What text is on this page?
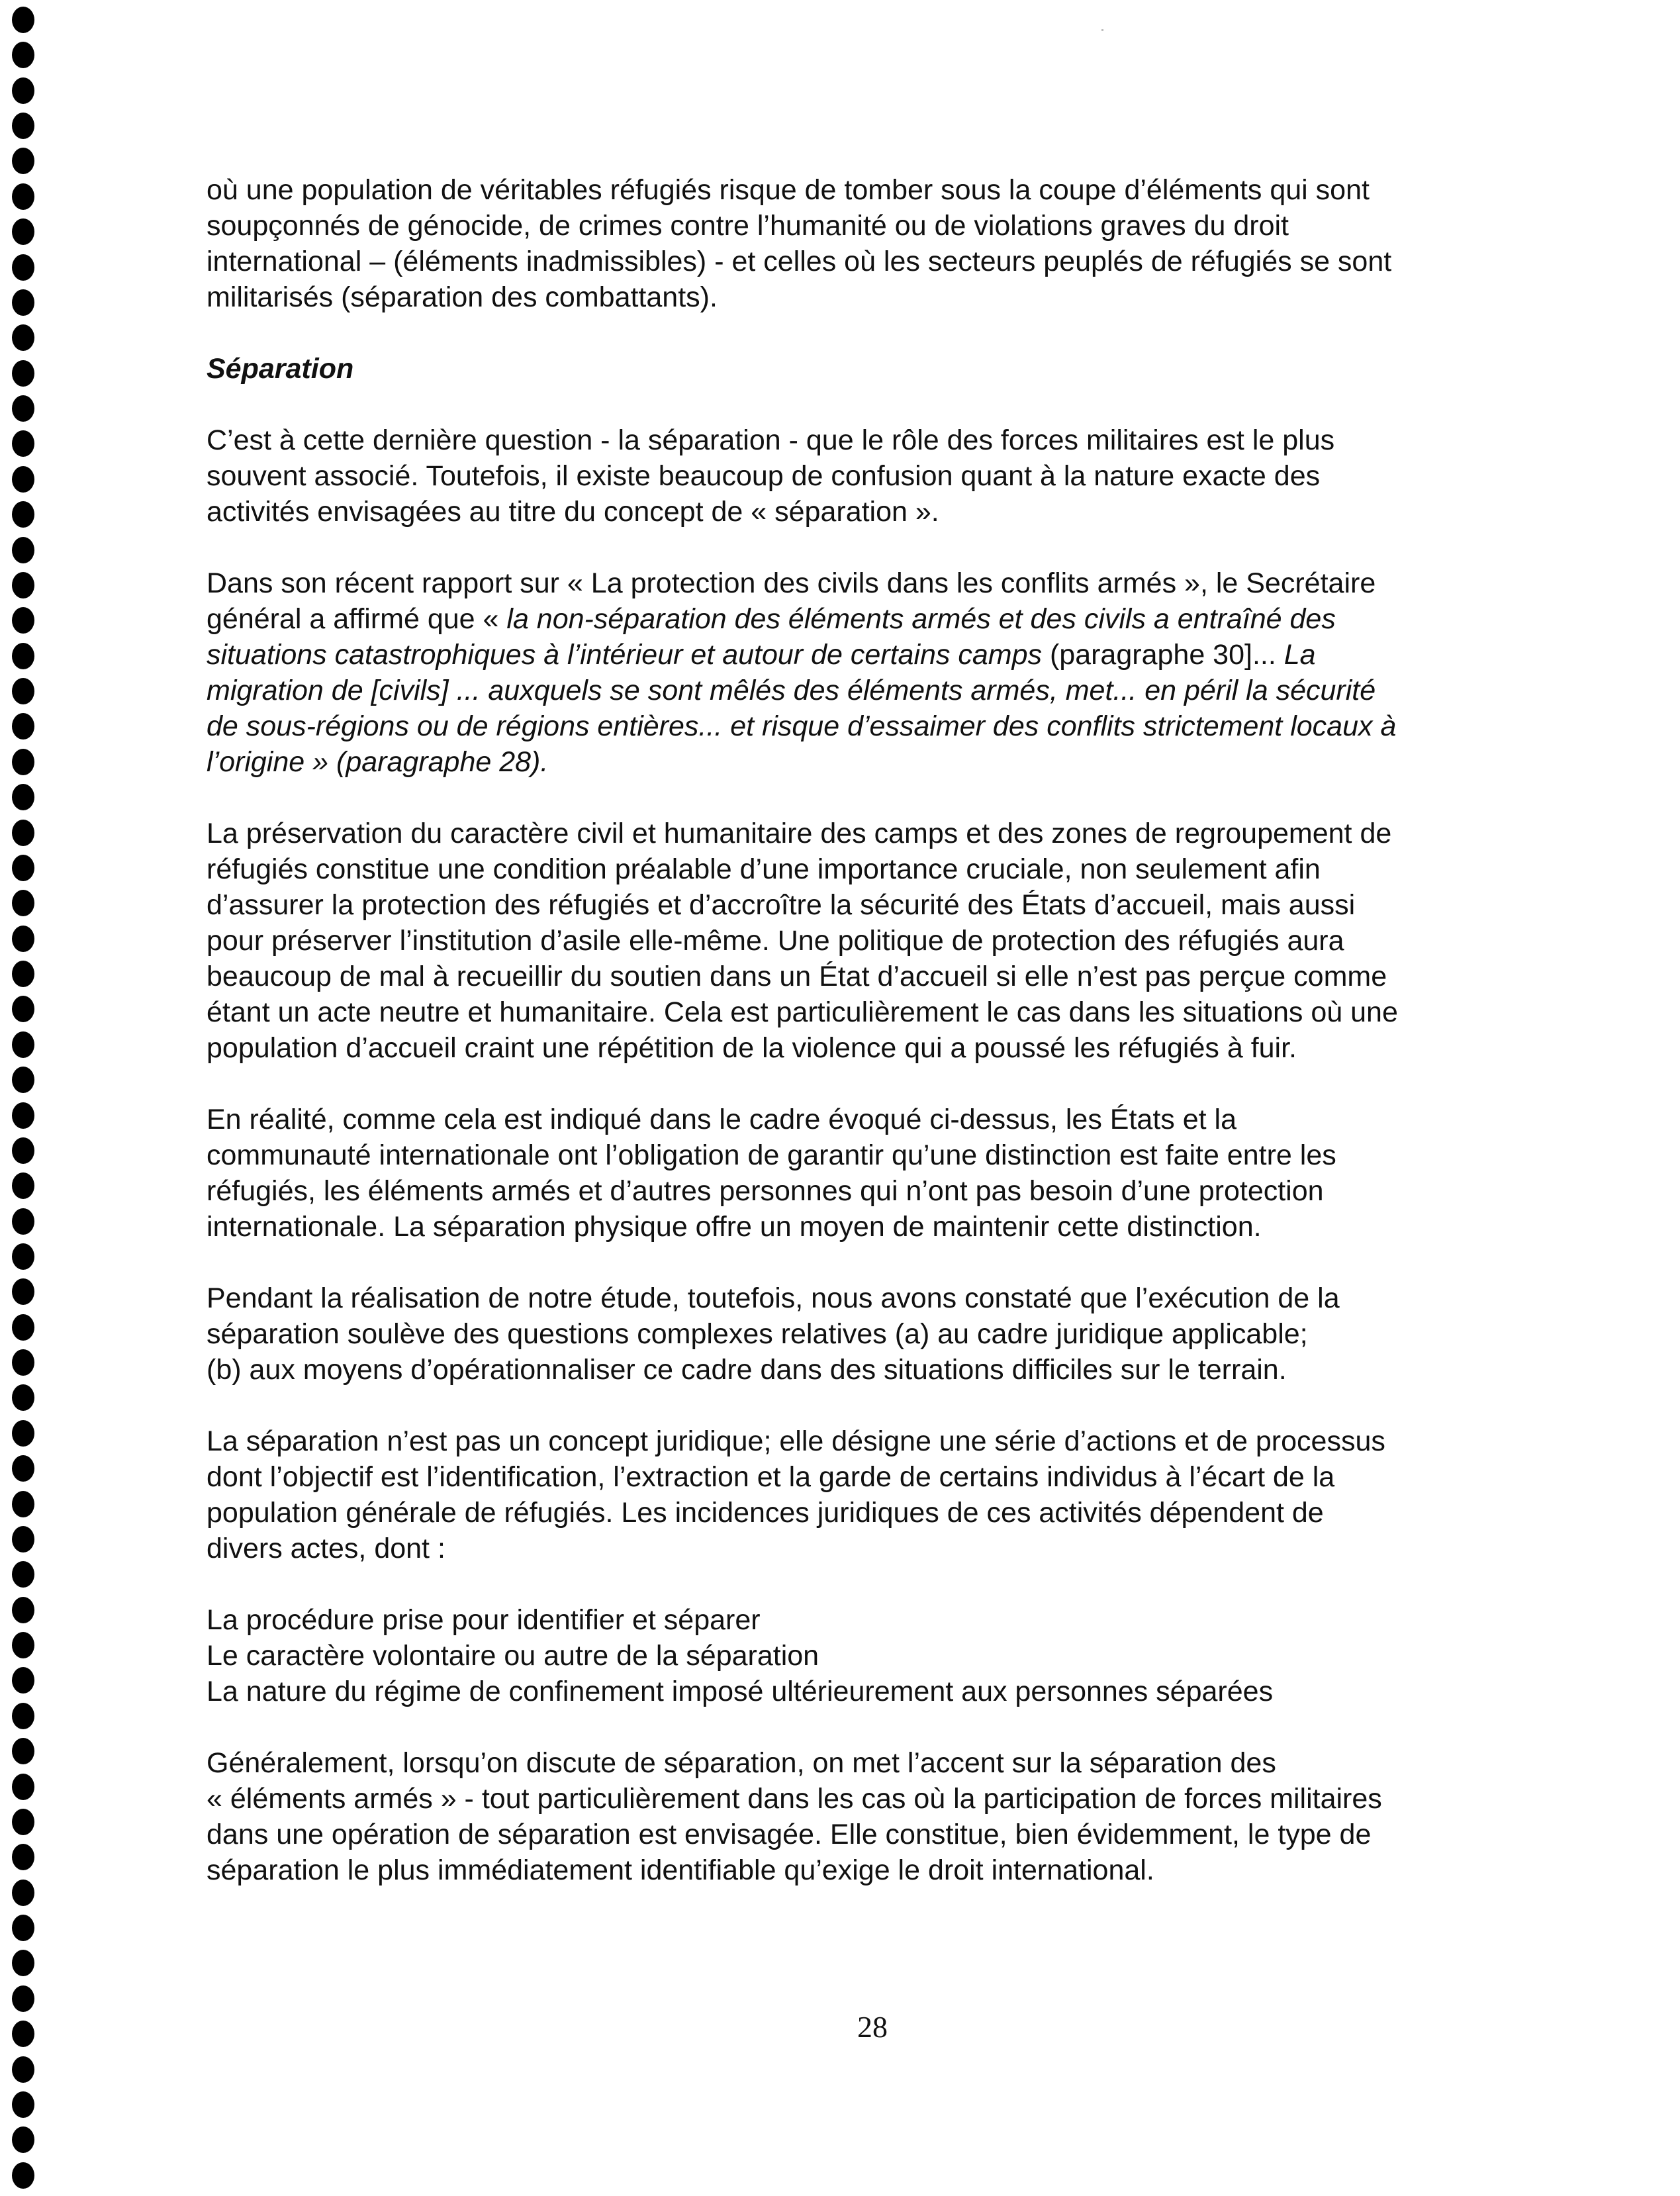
où une population de véritables réfugiés risque de tomber sous la coupe d’éléments qui sont
soupçonnés de génocide, de crimes contre l’humanité ou de violations graves du droit
international – (éléments inadmissibles) - et celles où les secteurs peuplés de réfugiés se sont
militarisés (séparation des combattants).
Séparation
C’est à cette dernière question - la séparation - que le rôle des forces militaires est le plus
souvent associé. Toutefois, il existe beaucoup de confusion quant à la nature exacte des
activités envisagées au titre du concept de « séparation ».
Dans son récent rapport sur « La protection des civils dans les conflits armés », le Secrétaire
général a affirmé que « la non-séparation des éléments armés et des civils a entraîné des
situations catastrophiques à l’intérieur et autour de certains camps (paragraphe 30]... La
migration de [civils] ... auxquels se sont mêlés des éléments armés, met... en péril la sécurité
de sous-régions ou de régions entières... et risque d’essaimer des conflits strictement locaux à
l’origine » (paragraphe 28).
La préservation du caractère civil et humanitaire des camps et des zones de regroupement de
réfugiés constitue une condition préalable d’une importance cruciale, non seulement afin
d’assurer la protection des réfugiés et d’accroître la sécurité des États d’accueil, mais aussi
pour préserver l’institution d’asile elle-même. Une politique de protection des réfugiés aura
beaucoup de mal à recueillir du soutien dans un État d’accueil si elle n’est pas perçue comme
étant un acte neutre et humanitaire. Cela est particulièrement le cas dans les situations où une
population d’accueil craint une répétition de la violence qui a poussé les réfugiés à fuir.
En réalité, comme cela est indiqué dans le cadre évoqué ci-dessus, les États et la
communauté internationale ont l’obligation de garantir qu’une distinction est faite entre les
réfugiés, les éléments armés et d’autres personnes qui n’ont pas besoin d’une protection
internationale. La séparation physique offre un moyen de maintenir cette distinction.
Pendant la réalisation de notre étude, toutefois, nous avons constaté que l’exécution de la
séparation soulève des questions complexes relatives (a) au cadre juridique applicable;
(b) aux moyens d’opérationnaliser ce cadre dans des situations difficiles sur le terrain.
La séparation n’est pas un concept juridique; elle désigne une série d’actions et de processus
dont l’objectif est l’identification, l’extraction et la garde de certains individus à l’écart de la
population générale de réfugiés. Les incidences juridiques de ces activités dépendent de
divers actes, dont :
La procédure prise pour identifier et séparer
Le caractère volontaire ou autre de la séparation
La nature du régime de confinement imposé ultérieurement aux personnes séparées
Généralement, lorsqu’on discute de séparation, on met l’accent sur la séparation des
« éléments armés » - tout particulièrement dans les cas où la participation de forces militaires
dans une opération de séparation est envisagée. Elle constitue, bien évidemment, le type de
séparation le plus immédiatement identifiable qu’exige le droit international.
28
